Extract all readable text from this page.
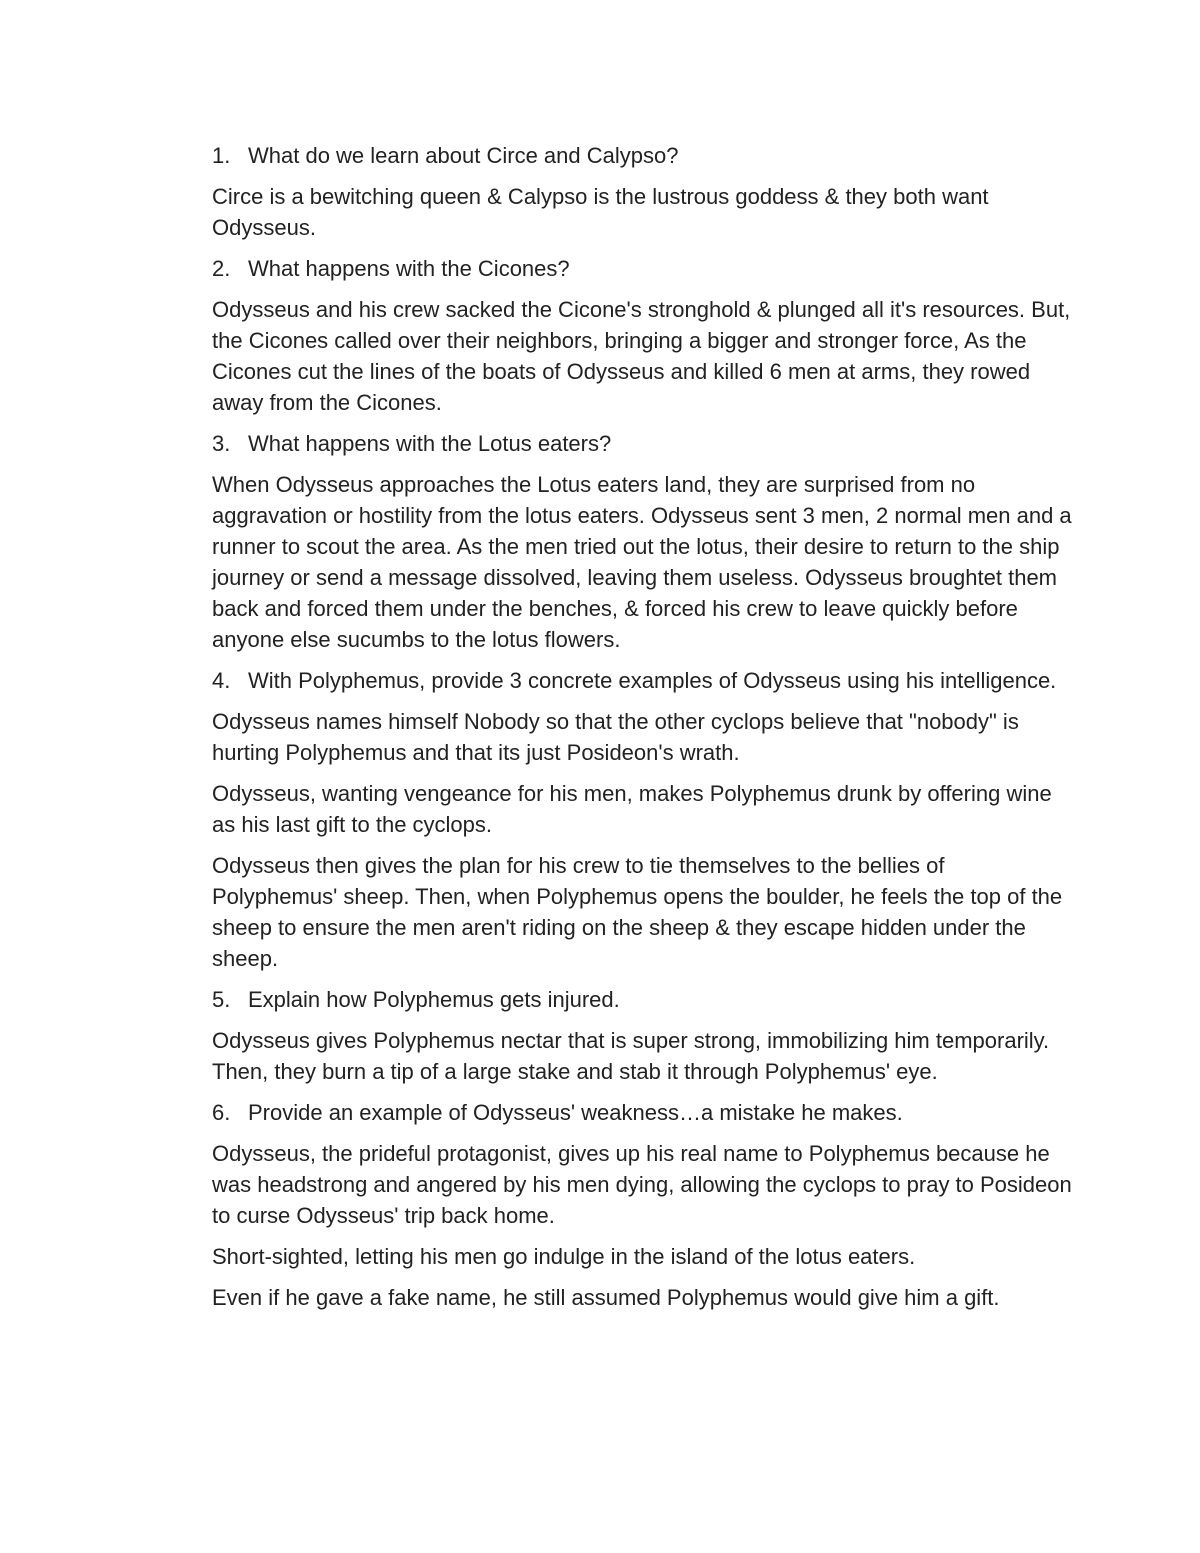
1. What do we learn about Circe and Calypso?

Circe is a bewitching queen & Calypso is the lustrous goddess & they both want Odysseus.

2. What happens with the Cicones?

Odysseus and his crew sacked the Cicone's stronghold & plunged all it's resources. But, the Cicones called over their neighbors, bringing a bigger and stronger force, As the Cicones cut the lines of the boats of Odysseus and killed 6 men at arms, they rowed away from the Cicones.

3. What happens with the Lotus eaters?

When Odysseus approaches the Lotus eaters land, they are surprised from no aggravation or hostility from the lotus eaters. Odysseus sent 3 men, 2 normal men and a runner to scout the area. As the men tried out the lotus, their desire to return to the ship journey or send a message dissolved, leaving them useless. Odysseus broughtet them back and forced them under the benches, & forced his crew to leave quickly before anyone else sucumbs to the lotus flowers.

4. With Polyphemus, provide 3 concrete examples of Odysseus using his intelligence.

Odysseus names himself Nobody so that the other cyclops believe that "nobody" is hurting Polyphemus and that its just Posideon's wrath.

Odysseus, wanting vengeance for his men, makes Polyphemus drunk by offering wine as his last gift to the cyclops.

Odysseus then gives the plan for his crew to tie themselves to the bellies of Polyphemus' sheep. Then, when Polyphemus opens the boulder, he feels the top of the sheep to ensure the men aren't riding on the sheep & they escape hidden under the sheep.

5. Explain how Polyphemus gets injured.

Odysseus gives Polyphemus nectar that is super strong, immobilizing him temporarily. Then, they burn a tip of a large stake and stab it through Polyphemus' eye.

6. Provide an example of Odysseus' weakness…a mistake he makes.

Odysseus, the prideful protagonist, gives up his real name to Polyphemus because he was headstrong and angered by his men dying, allowing the cyclops to pray to Posideon to curse Odysseus' trip back home.

Short-sighted, letting his men go indulge in the island of the lotus eaters.

Even if he gave a fake name, he still assumed Polyphemus would give him a gift.
